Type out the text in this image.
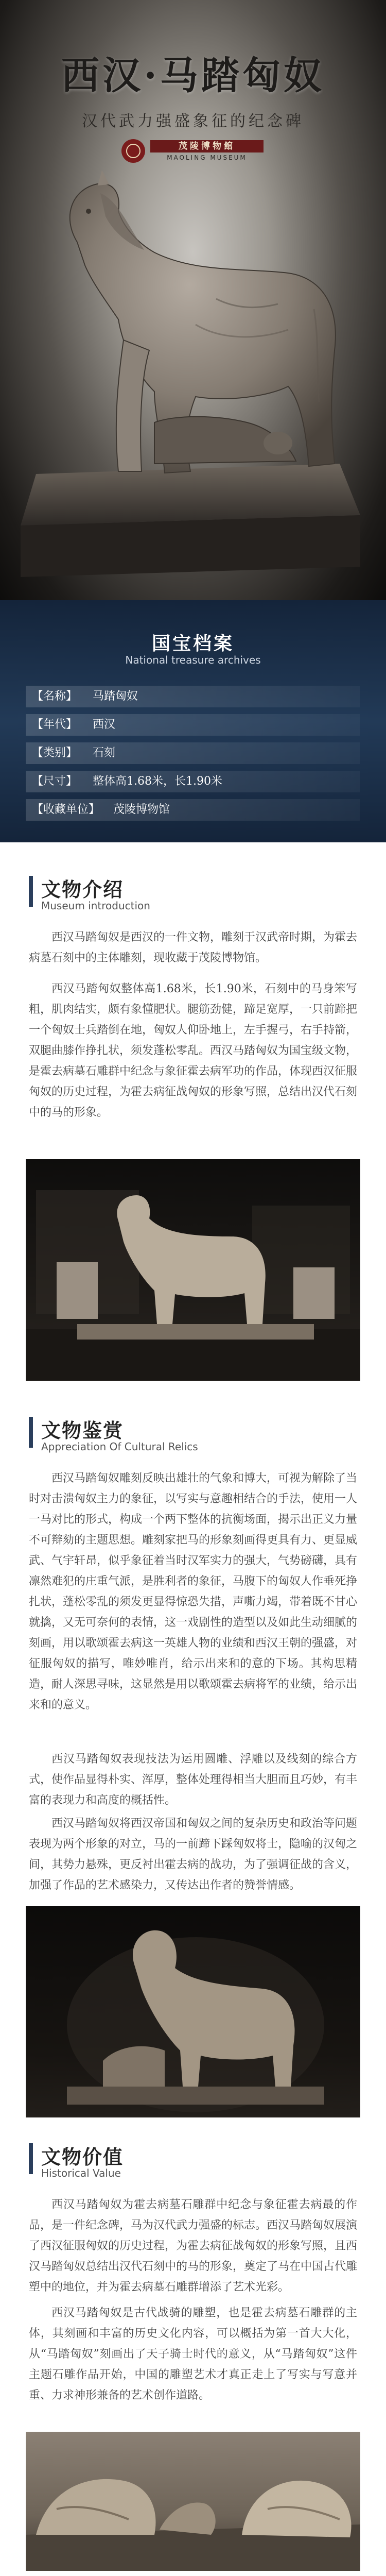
西汉·马踏匈奴
汉代武力强盛象征的纪念碑
茂陵博物館
MAOLING MUSEUM
国宝档案
National treasure archives
【名称】 马踏匈奴
【年代】 西汉
【类别】 石刻
【尺寸】 整体高1.68米，长1.90米
【收藏单位】 茂陵博物馆
文物介绍
Museum introduction

西汉马踏匈奴是西汉的一件文物，雕刻于汉武帝时期，为霍去病墓石刻中的主体雕刻，现收藏于茂陵博物馆。

西汉马踏匈奴整体高1.68米，长1.90米，石刻中的马身笨写粗，肌肉结实，颇有象懂肥状。腿筋劲健，蹄足宽厚，一只前蹄把一个匈奴士兵踏倒在地，匈奴人仰卧地上，左手握弓，右手持箭，双腿曲膝作挣扎状，须发蓬松零乱。西汉马踏匈奴为国宝级文物，是霍去病墓石雕群中纪念与象征霍去病军功的作品，体现西汉征服匈奴的历史过程，为霍去病征战匈奴的形象写照，总结出汉代石刻中的马的形象。

文物鉴赏
Appreciation Of Cultural Relics

西汉马踏匈奴雕刻反映出雄壮的气象和博大，可视为解除了当时对击溃匈奴主力的象征，以写实与意趣相结合的手法，使用一人一马对比的形式，构成一个两下整体的抗衡场面，揭示出正义力量不可辩劾的主题思想。雕刻家把马的形象刻画得更具有力、更显威武、气宇轩昂，似乎象征着当时汉军实力的强大，气势磅礴，具有凛然难犯的庄重气派，是胜利者的象征，马腹下的匈奴人作垂死挣扎状，蓬松零乱的须发更显得惊恐失措，声嘶力竭，带着既不甘心就擒，又无可奈何的表情，这一戏剧性的造型以及如此生动细腻的刻画，用以歌颂霍去病这一英雄人物的业绩和西汉王朝的强盛，对征服匈奴的描写，唯妙唯肖，给示出来和的意的下场。其构思精造，耐人深思寻味，这显然是用以歌颂霍去病将军的业绩，给示出来和的意义。

西汉马踏匈奴表现技法为运用圆雕、浮雕以及线刻的综合方式，使作品显得朴实、浑厚，整体处理得相当大胆而且巧妙，有丰富的表现力和高度的概括性。

西汉马踏匈奴将西汉帝国和匈奴之间的复杂历史和政治等问题表现为两个形象的对立，马的一前蹄下踩匈奴将士，隐喻的汉匈之间，其势力悬殊，更反衬出霍去病的战功，为了强调征战的含义，加强了作品的艺术感染力，又传达出作者的赞誉情感。

文物价值
Historical Value

西汉马踏匈奴为霍去病墓石雕群中纪念与象征霍去病最的作品，是一件纪念碑，马为汉代武力强盛的标志。西汉马踏匈奴展演了西汉征服匈奴的历史过程，为霍去病征战匈奴的形象写照，且西汉马踏匈奴总结出汉代石刻中的马的形象，奠定了马在中国古代雕塑中的地位，并为霍去病墓石雕群增添了艺术光彩。

西汉马踏匈奴是古代战骑的雕塑，也是霍去病墓石雕群的主体，其刻画和丰富的历史文化内容，可以概括为第一首大大化，从“马踏匈奴”刻画出了天子骑士时代的意义，从“马踏匈奴”这件主题石雕作品开始，中国的雕塑艺术才真正走上了写实与写意并重、力求神形兼备的艺术创作道路。
